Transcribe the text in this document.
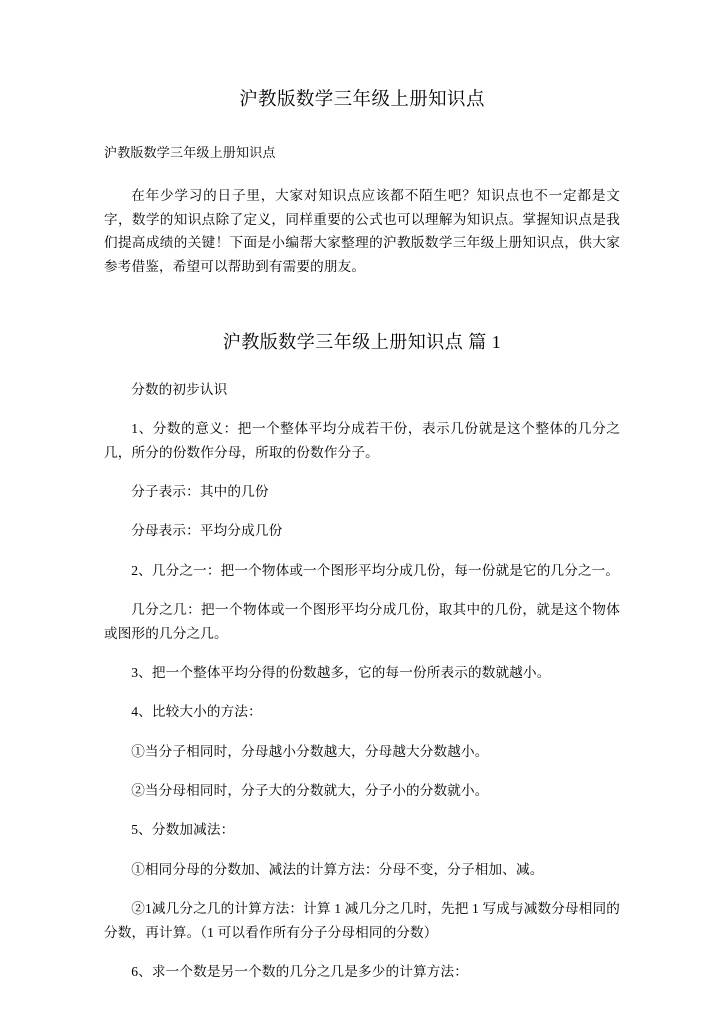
沪教版数学三年级上册知识点

沪教版数学三年级上册知识点

在年少学习的日子里，大家对知识点应该都不陌生吧？知识点也不一定都是文字，数学的知识点除了定义，同样重要的公式也可以理解为知识点。掌握知识点是我们提高成绩的关键！下面是小编帮大家整理的沪教版数学三年级上册知识点，供大家参考借鉴，希望可以帮助到有需要的朋友。

沪教版数学三年级上册知识点 篇 1

分数的初步认识

1、分数的意义：把一个整体平均分成若干份，表示几份就是这个整体的几分之几，所分的份数作分母，所取的份数作分子。

分子表示：其中的几份

分母表示：平均分成几份

2、几分之一：把一个物体或一个图形平均分成几份，每一份就是它的几分之一。

几分之几：把一个物体或一个图形平均分成几份，取其中的几份，就是这个物体或图形的几分之几。

3、把一个整体平均分得的份数越多，它的每一份所表示的数就越小。

4、比较大小的方法：

①当分子相同时，分母越小分数越大，分母越大分数越小。

②当分母相同时，分子大的分数就大，分子小的分数就小。

5、分数加减法：

①相同分母的分数加、减法的计算方法：分母不变，分子相加、减。

②1减几分之几的计算方法：计算 1 减几分之几时，先把 1 写成与减数分母相同的分数，再计算。（1 可以看作所有分子分母相同的分数）

6、求一个数是另一个数的几分之几是多少的计算方法：
